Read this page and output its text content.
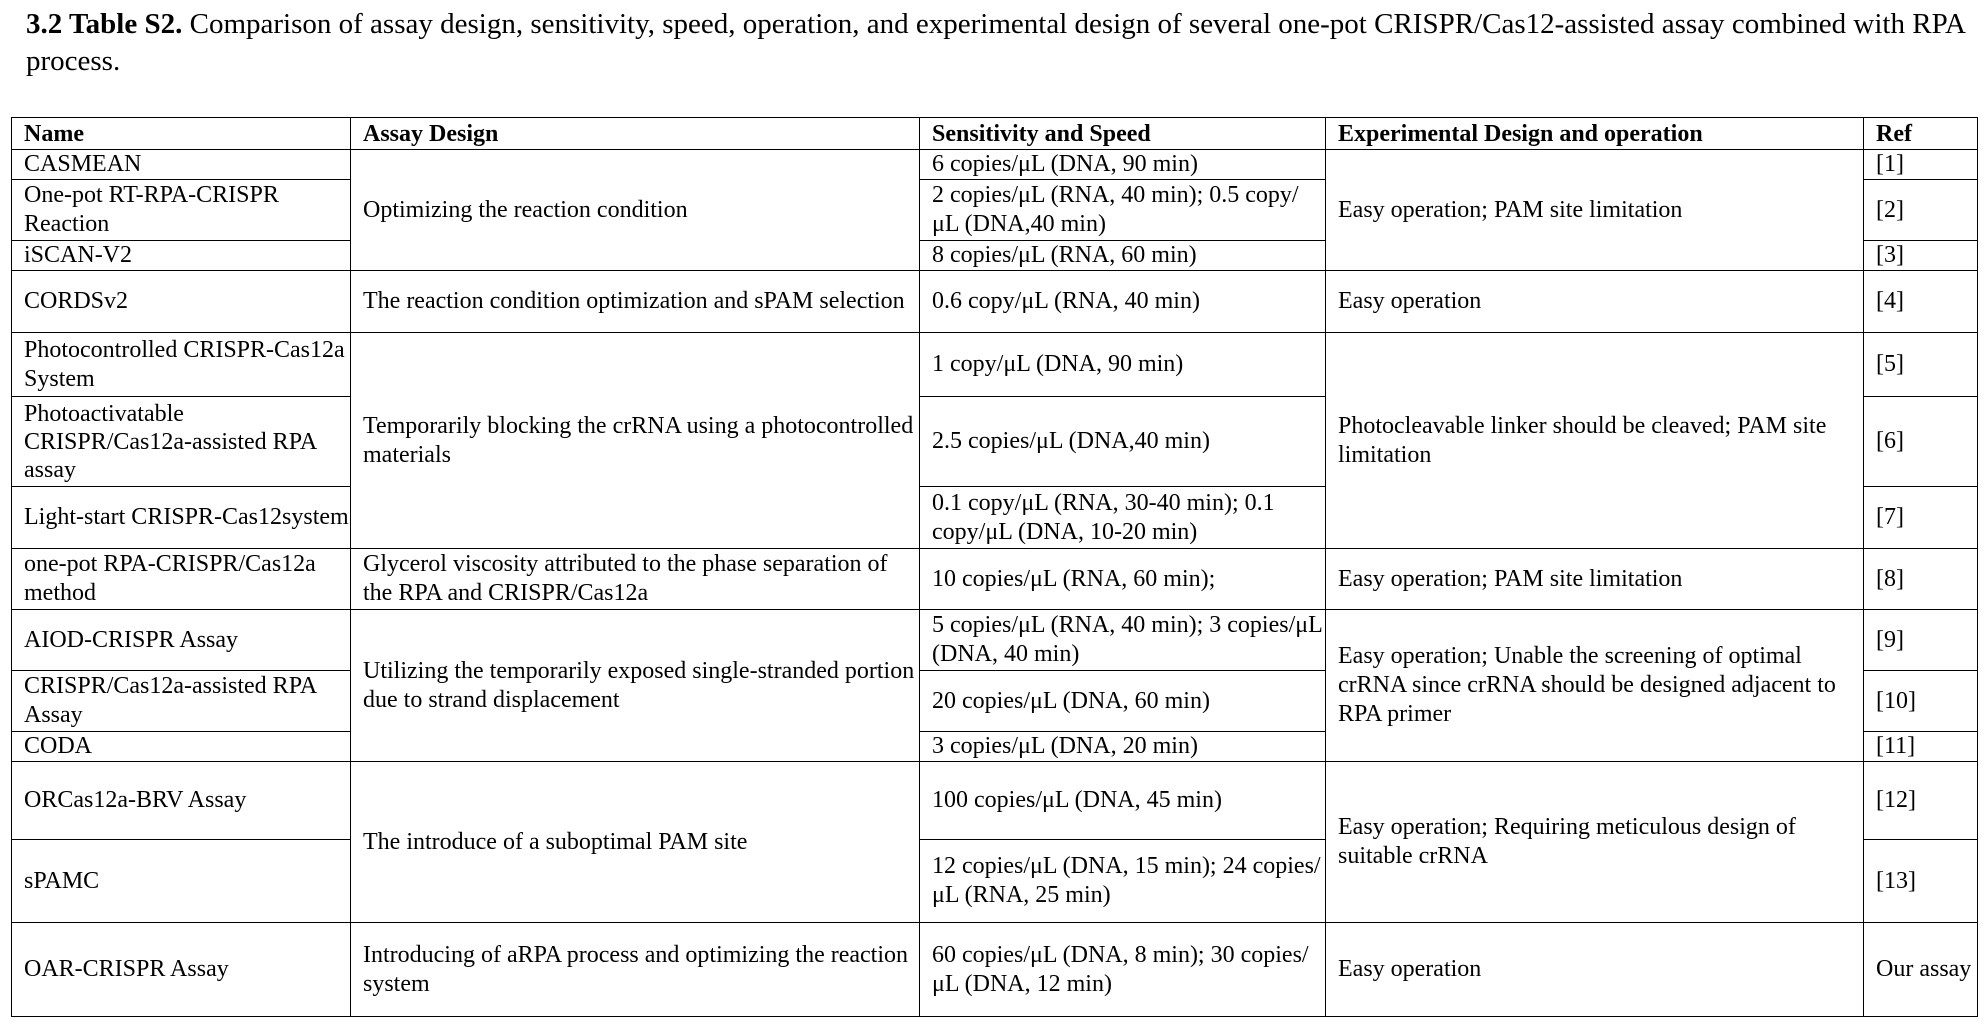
3.2 Table S2. Comparison of assay design, sensitivity, speed, operation, and experimental design of several one-pot CRISPR/Cas12-assisted assay combined with RPA process.
Name	Assay Design	Sensitivity and Speed	Experimental Design and operation	Ref
CASMEAN	Optimizing the reaction condition	6 copies/μL (DNA, 90 min)	Easy operation; PAM site limitation	[1]
One-pot RT-RPA-CRISPR Reaction		2 copies/μL (RNA, 40 min); 0.5 copy/μL (DNA,40 min)		[2]
iSCAN-V2		8 copies/μL (RNA, 60 min)		[3]
CORDSv2	The reaction condition optimization and sPAM selection	0.6 copy/μL (RNA, 40 min)	Easy operation	[4]
Photocontrolled CRISPR-Cas12a System	Temporarily blocking the crRNA using a photocontrolled materials	1 copy/μL (DNA, 90 min)	Photocleavable linker should be cleaved; PAM site limitation	[5]
Photoactivatable CRISPR/Cas12a-assisted RPA assay		2.5 copies/μL (DNA,40 min)		[6]
Light-start CRISPR-Cas12system		0.1 copy/μL (RNA, 30-40 min); 0.1 copy/μL (DNA, 10-20 min)		[7]
one-pot RPA-CRISPR/Cas12a method	Glycerol viscosity attributed to the phase separation of the RPA and CRISPR/Cas12a	10 copies/μL (RNA, 60 min);	Easy operation; PAM site limitation	[8]
AIOD-CRISPR Assay	Utilizing the temporarily exposed single-stranded portion due to strand displacement	5 copies/μL (RNA, 40 min); 3 copies/μL (DNA, 40 min)	Easy operation; Unable the screening of optimal crRNA since crRNA should be designed adjacent to RPA primer	[9]
CRISPR/Cas12a-assisted RPA Assay		20 copies/μL (DNA, 60 min)		[10]
CODA		3 copies/μL (DNA, 20 min)		[11]
ORCas12a-BRV Assay	The introduce of a suboptimal PAM site	100 copies/μL (DNA, 45 min)	Easy operation; Requiring meticulous design of suitable crRNA	[12]
sPAMC		12 copies/μL (DNA, 15 min); 24 copies/μL (RNA, 25 min)		[13]
OAR-CRISPR Assay	Introducing of aRPA process and optimizing the reaction system	60 copies/μL (DNA, 8 min); 30 copies/μL (DNA, 12 min)	Easy operation	Our assay
